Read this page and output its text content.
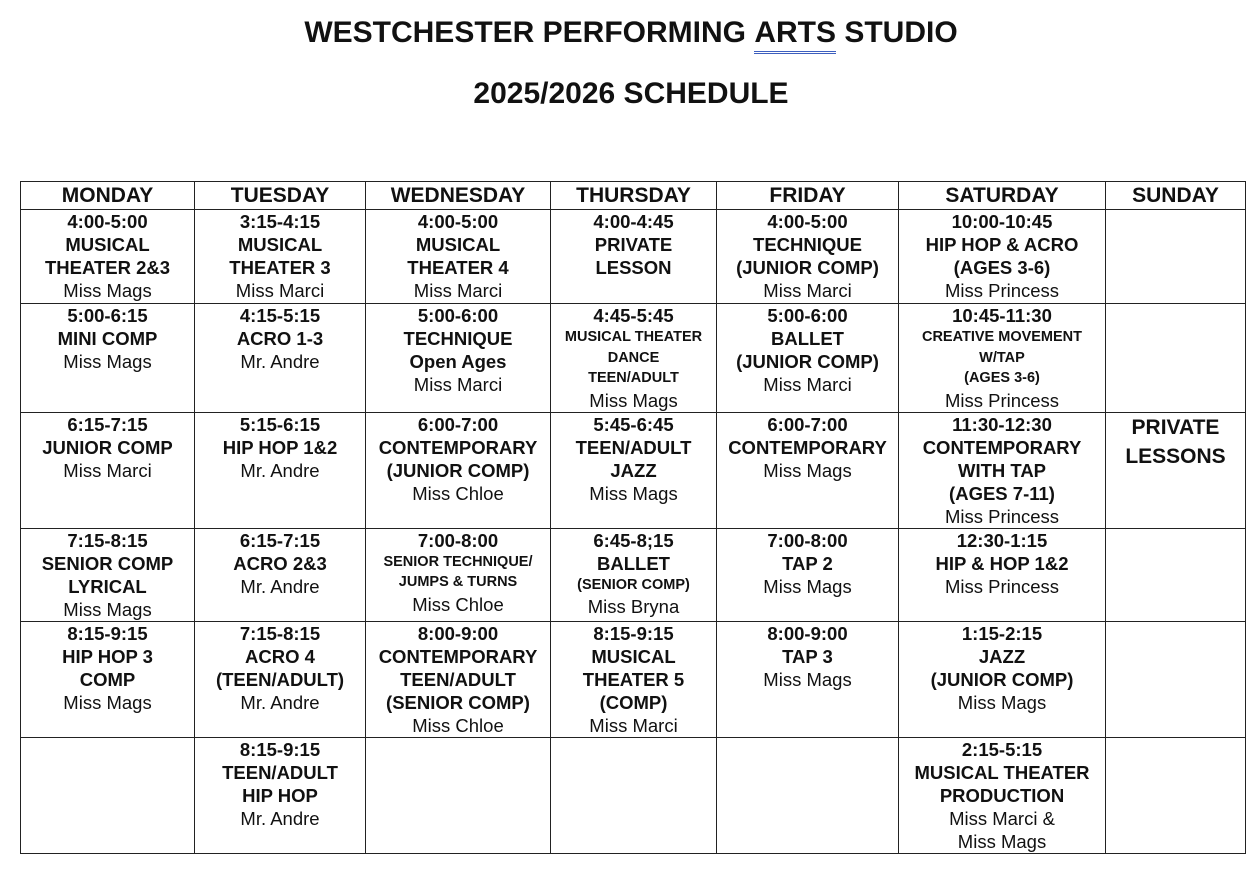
WESTCHESTER PERFORMING ARTS STUDIO
2025/2026 SCHEDULE
MONDAY	TUESDAY	WEDNESDAY	THURSDAY	FRIDAY	SATURDAY	SUNDAY

4:00-5:00
MUSICAL
THEATER 2&3
Miss Mags	3:15-4:15
MUSICAL
THEATER 3
Miss Marci	4:00-5:00
MUSICAL
THEATER 4
Miss Marci	4:00-4:45
PRIVATE
LESSON	4:00-5:00
TECHNIQUE
(JUNIOR COMP)
Miss Marci	10:00-10:45
HIP HOP & ACRO
(AGES 3-6)
Miss Princess	

5:00-6:15
MINI COMP
Miss Mags	4:15-5:15
ACRO 1-3
Mr. Andre	5:00-6:00
TECHNIQUE
Open Ages
Miss Marci	4:45-5:45
MUSICAL THEATER
DANCE
TEEN/ADULT
Miss Mags	5:00-6:00
BALLET
(JUNIOR COMP)
Miss Marci	10:45-11:30
CREATIVE MOVEMENT
W/TAP
(AGES 3-6)
Miss Princess	

6:15-7:15
JUNIOR COMP
Miss Marci	5:15-6:15
HIP HOP 1&2
Mr. Andre	6:00-7:00
CONTEMPORARY
(JUNIOR COMP)
Miss Chloe	5:45-6:45
TEEN/ADULT
JAZZ
Miss Mags	6:00-7:00
CONTEMPORARY
Miss Mags	11:30-12:30
CONTEMPORARY
WITH TAP
(AGES 7-11)
Miss Princess	PRIVATE
LESSONS

7:15-8:15
SENIOR COMP
LYRICAL
Miss Mags	6:15-7:15
ACRO 2&3
Mr. Andre	7:00-8:00
SENIOR TECHNIQUE/
JUMPS & TURNS
Miss Chloe	6:45-8;15
BALLET
(SENIOR COMP)
Miss Bryna	7:00-8:00
TAP 2
Miss Mags	12:30-1:15
HIP & HOP 1&2
Miss Princess	

8:15-9:15
HIP HOP 3
COMP
Miss Mags	7:15-8:15
ACRO 4
(TEEN/ADULT)
Mr. Andre	8:00-9:00
CONTEMPORARY
TEEN/ADULT
(SENIOR COMP)
Miss Chloe	8:15-9:15
MUSICAL
THEATER 5
(COMP)
Miss Marci	8:00-9:00
TAP 3
Miss Mags	1:15-2:15
JAZZ
(JUNIOR COMP)
Miss Mags	

	8:15-9:15
TEEN/ADULT
HIP HOP
Mr. Andre				2:15-5:15
MUSICAL THEATER
PRODUCTION
Miss Marci &
Miss Mags	
